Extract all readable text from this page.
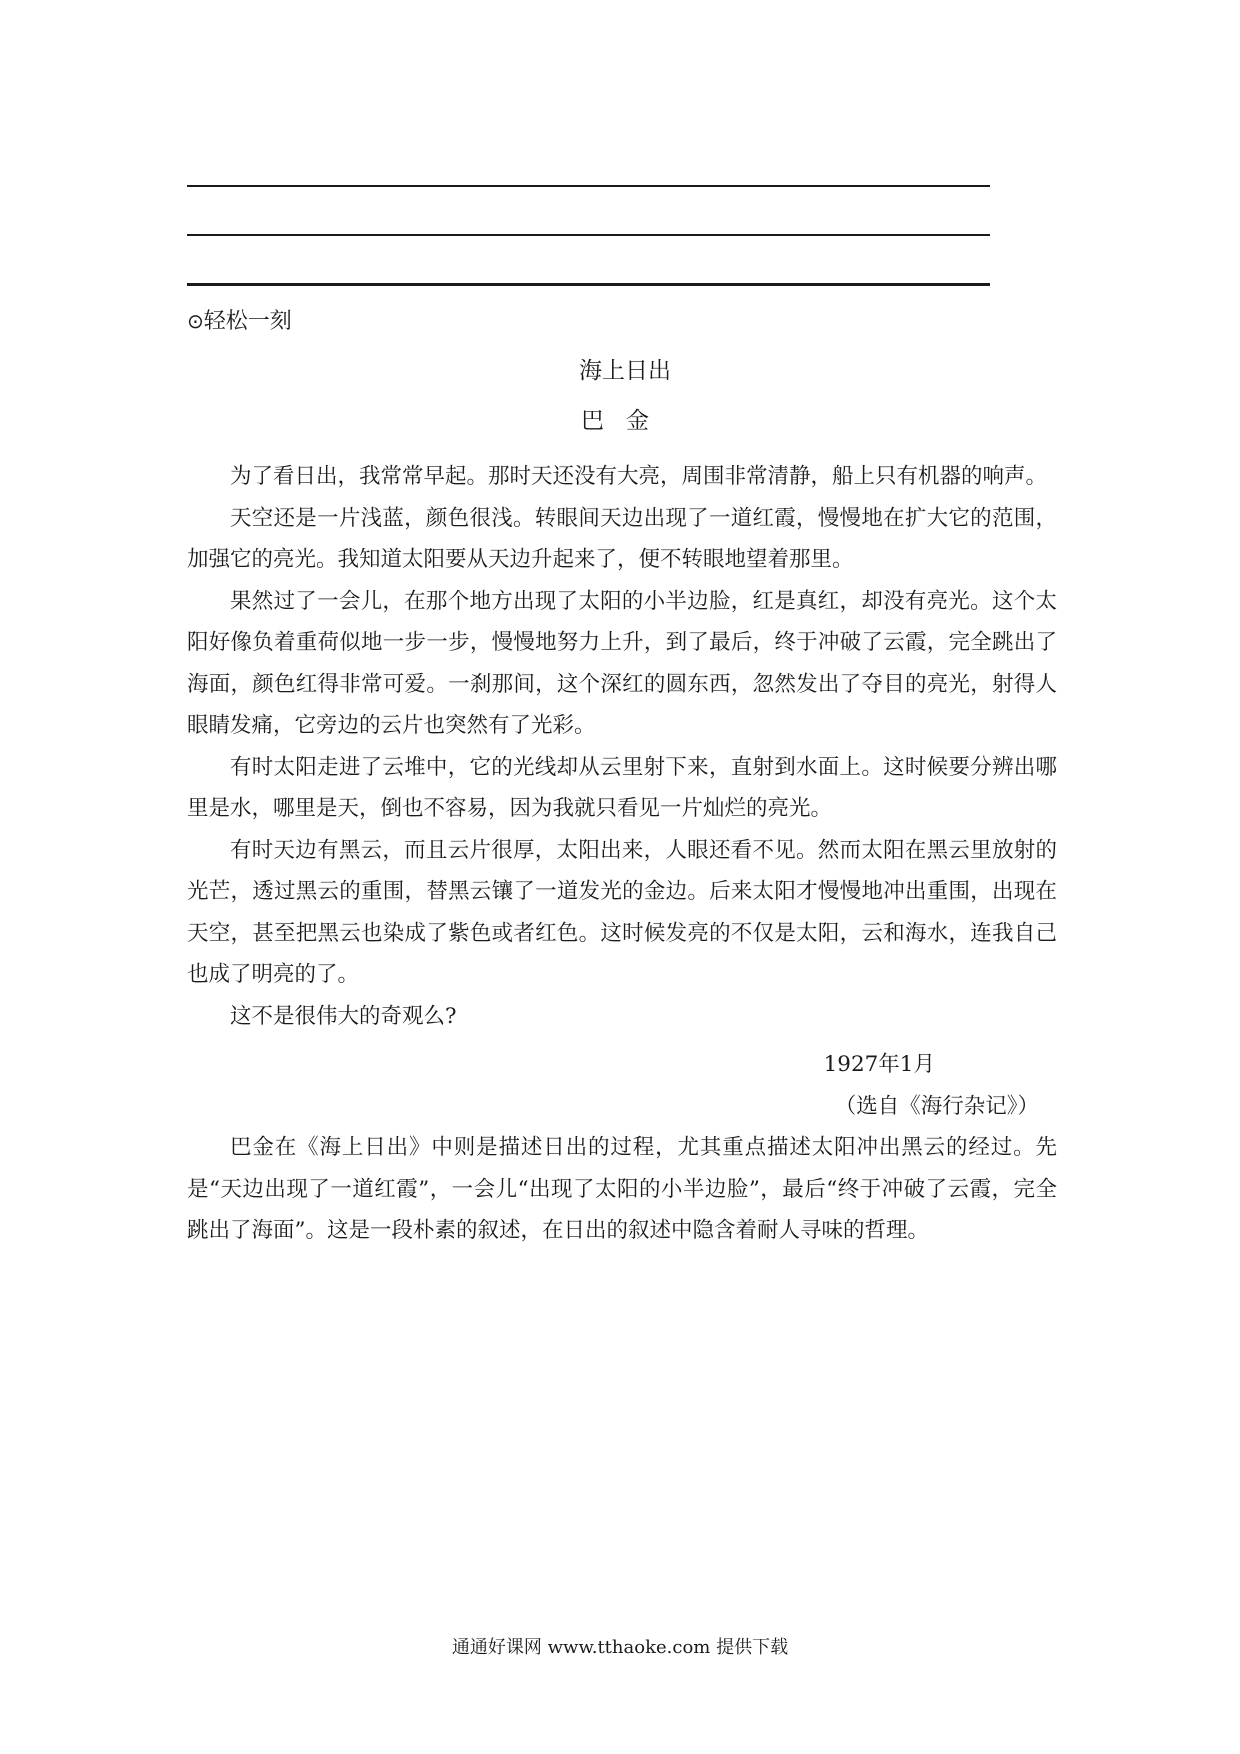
⊙轻松一刻
海上日出
巴金

为了看日出，我常常早起。那时天还没有大亮，周围非常清静，船上只有机器的响声。

天空还是一片浅蓝，颜色很浅。转眼间天边出现了一道红霞，慢慢地在扩大它的范围，加强它的亮光。我知道太阳要从天边升起来了，便不转眼地望着那里。

果然过了一会儿，在那个地方出现了太阳的小半边脸，红是真红，却没有亮光。这个太阳好像负着重荷似地一步一步，慢慢地努力上升，到了最后，终于冲破了云霞，完全跳出了海面，颜色红得非常可爱。一刹那间，这个深红的圆东西，忽然发出了夺目的亮光，射得人眼睛发痛，它旁边的云片也突然有了光彩。

有时太阳走进了云堆中，它的光线却从云里射下来，直射到水面上。这时候要分辨出哪里是水，哪里是天，倒也不容易，因为我就只看见一片灿烂的亮光。

有时天边有黑云，而且云片很厚，太阳出来，人眼还看不见。然而太阳在黑云里放射的光芒，透过黑云的重围，替黑云镶了一道发光的金边。后来太阳才慢慢地冲出重围，出现在天空，甚至把黑云也染成了紫色或者红色。这时候发亮的不仅是太阳，云和海水，连我自己也成了明亮的了。

这不是很伟大的奇观么?

1927年1月

（选自《海行杂记》）

巴金在《海上日出》中则是描述日出的过程，尤其重点描述太阳冲出黑云的经过。先是“天边出现了一道红霞”，一会儿“出现了太阳的小半边脸”，最后“终于冲破了云霞，完全跳出了海面”。这是一段朴素的叙述，在日出的叙述中隐含着耐人寻味的哲理。

通通好课网 www.tthaoke.com 提供下载
